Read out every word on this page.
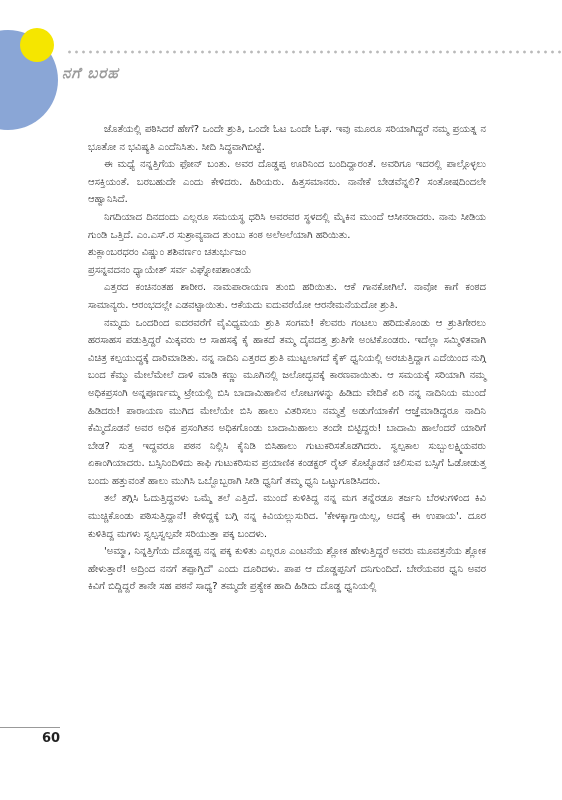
ನಗೆ ಬರಹ

ಜೊತೆಯಲ್ಲಿ ಪಠಿಸಿದರೆ ಹೇಗೆ? ಒಂದೇ ಶ್ರುತಿ, ಒಂದೇ ಓಟ ಒಂದೇ ಓಘ. ಇವು ಮೂರೂ ಸರಿಯಾಗಿದ್ದರೆ ನಮ್ಮ ಪ್ರಯತ್ನ ನ ಭೂತೋ ನ ಭವಿಷ್ಯತಿ ಎಂದೆನಿಸಿತು. ಸೀದಿ ಸಿದ್ಧವಾಗಿಬಿಟ್ಟೆ.

ಈ ಮಧ್ಯೆ ನನ್ನತ್ತಿಗೆಯ ಫೋನ್ ಬಂತು. ಅವರ ದೊಡ್ಡಪ್ಪ ಊರಿನಿಂದ ಬಂದಿದ್ದಾರಂತೆ. ಅವರಿಗೂ ಇದರಲ್ಲಿ ಪಾಲ್ಗೊಳ್ಳಲು ಆಸಕ್ತಿಯಂತೆ. ಬರಬಹುದೇ ಎಂದು ಕೇಳಿದರು. ಹಿರಿಯರು. ಹಿತ್ತಸಮಾನರು. ನಾನೇಕೆ ಬೇಡವೆನ್ನಲಿ? ಸಂತೋಷದಿಂದಲೇ ಆಹ್ವಾನಿಸಿದೆ.

ನಿಗದಿಯಾದ ದಿನದಂದು ಎಲ್ಲರೂ ಸಮಯಸ್ಥ ಧರಿಸಿ ಅವರವರ ಸ್ಥಳದಲ್ಲಿ ಮೈಕಿನ ಮುಂದೆ ಆಸೀನರಾದರು. ನಾನು ಸೀಡಿಯ ಗುಂಡಿ ಒತ್ತಿದೆ. ಎಂ.ಎಸ್.ರ ಸುಶ್ರಾವ್ಯವಾದ ತುಂಬು ಕಂಠ ಅಲೆಅಲೆಯಾಗಿ ಹರಿಯಿತು.

ಶುಕ್ಲಾಂಬರಧರಂ ವಿಷ್ಣುಂ ಶಶಿವರ್ಣಂ ಚತುರ್ಭುಜಂ

ಪ್ರಸನ್ನವದನಂ ಧ್ಯಾಯೇತ್ ಸರ್ವ ವಿಘ್ನೋಪಶಾಂತಯೆ

ಎತ್ತರದ ಕಂಚಿನಂತಹ ಶಾರೀರ. ನಾಮಪಾರಾಯಣ ತುಂಬಿ ಹರಿಯಿತು. ಆಕೆ ಗಾನಕೋಗಿಲೆ. ನಾವೋ ಕಾಗೆ ಕಂಠದ ಸಾಮಾನ್ಯರು. ಆರಂಭದಲ್ಲೇ ಎಡವಟ್ಟಾಯಿತು. ಆಕೆಯದು ಐದುವರೆಯೋ ಆರನೇಮನೆಯದೋ ಶ್ರುತಿ.

ನಮ್ಮದು ಒಂದರಿಂದ ಐದರವರೆಗೆ ವೈವಿಧ್ಯಮಯ ಶ್ರುತಿ ಸಂಗಮ! ಕೆಲವರು ಗಂಟಲು ಹರಿದುಕೊಂಡು ಆ ಶ್ರುತಿಗೇರಲು ಹರಸಾಹಸ ಪಡುತ್ತಿದ್ದರೆ ಮಿಕ್ಕವರು ಆ ಸಾಹಸಕ್ಕೆ ಕೈ ಹಾಕದೆ ತಮ್ಮ ದೈವದತ್ತ ಶ್ರುತಿಗೇ ಅಂಟಿಕೊಂಡರು. ಇದೆಲ್ಲಾ ಸಮ್ಮಿಳಿತವಾಗಿ ವಿಚಿತ್ರ ಕಲ್ಪಯುದ್ಧಕ್ಕೆ ದಾರಿಮಾಡಿತು. ನನ್ನ ನಾದಿನಿ ಎತ್ತರದ ಶ್ರುತಿ ಮುಟ್ಟಲಾಗದೆ ಕೈಕ್ ಧ್ವನಿಯಲ್ಲಿ ಅರಚುತ್ತಿದ್ದಾಗ ಎದೆಯಿಂದ ನುಗ್ಗಿ ಬಂದ ಕೆಮ್ಮು ಮೇಲೆಮೇಲೆ ದಾಳಿ ಮಾಡಿ ಕಣ್ಣು ಮೂಗಿನಲ್ಲಿ ಜಲೋದ್ಭವಕ್ಕೆ ಕಾರಣವಾಯಿತು. ಆ ಸಮಯಕ್ಕೆ ಸರಿಯಾಗಿ ನಮ್ಮ ಅಧಿಕಪ್ರಸಂಗಿ ಅನ್ನಪೂರ್ಣಮ್ಮ ಟ್ರೇಯಲ್ಲಿ ಬಿಸಿ ಬಾದಾಮಿಹಾಲಿನ ಲೋಟಗಳನ್ನು ಹಿಡಿದು ವೇದಿಕೆ ಏರಿ ನನ್ನ ನಾದಿನಿಯ ಮುಂದೆ ಹಿಡಿದರು! ಪಾರಾಯಣ ಮುಗಿದ ಮೇಲೆಯೇ ಬಿಸಿ ಹಾಲು ವಿತರಿಸಲು ನಮ್ಮತ್ತೆ ಅಡುಗೆಯಾಕೆಗೆ ಆಜ್ಞೆಮಾಡಿದ್ದರೂ ನಾದಿನಿ ಕೆಮ್ಮಿದೊಡನೆ ಅವರ ಅಧಿಕ ಪ್ರಸಂಗಿತನ ಅಧಿಕಗೊಂಡು ಬಾದಾಮಿಹಾಲು ತಂದೇ ಬಿಟ್ಟಿದ್ದರು! ಬಾದಾಮಿ ಹಾಲೆಂದರೆ ಯಾರಿಗೆ ಬೇಡ? ಸುತ್ತ ಇದ್ದವರೂ ಪಠನ ನಿಲ್ಲಿಸಿ ಕೈನಿಡಿ ಬಿಸಿಹಾಲು ಗುಟುಕರಿಸತೊಡಗಿದರು. ಸ್ವಲ್ಪಕಾಲ ಸುಬ್ಬುಲಕ್ಷ್ಮಿಯವರು ಏಕಾಂಗಿಯಾದರು. ಬಸ್ಸಿನಿಂದಿಳಿದು ಕಾಫಿ ಗುಟುಕರಿಸುವ ಪ್ರಯಾಣಿಕ ಕಂಡಕ್ಟರ್ ರೈಟ್ ಕೊಟ್ಟೊಡನೆ ಚಲಿಸುವ ಬಸ್ಸಿಗೆ ಓಡೋಡುತ್ತ ಬಂದು ಹತ್ತುವಂತೆ ಹಾಲು ಮುಗಿಸಿ ಒಬ್ಬೊಬ್ಬರಾಗಿ ಸೀಡಿ ಧ್ವನಿಗೆ ತಮ್ಮ ಧ್ವನಿ ಒಟ್ಟುಗೂಡಿಸಿದರು.

ತಲೆ ತಗ್ಗಿಸಿ ಓದುತ್ತಿದ್ದವಳು ಒಮ್ಮೆ ತಲೆ ಎತ್ತಿದೆ. ಮುಂದೆ ಕುಳಿತಿದ್ದ ನನ್ನ ಮಗ ತನ್ನೆರಡೂ ತರ್ಜನಿ ಬೆರಳುಗಳಿಂದ ಕಿವಿ ಮುಚ್ಚಿಕೊಂಡು ಪಠಿಸುತ್ತಿದ್ದಾನೆ! ಕೇಳಿದ್ದಕ್ಕೆ ಬಗ್ಗಿ ನನ್ನ ಕಿವಿಯಲ್ಲುಸುರಿದ. 'ಕೇಳಕ್ಕಾಗ್ತಾಯಿಲ್ಲ, ಅದಕ್ಕೆ ಈ ಉಪಾಯ'. ದೂರ ಕುಳಿತಿದ್ದ ಮಗಳು ಸ್ವಲ್ಪಸ್ವಲ್ಪವೇ ಸರಿಯುತ್ತಾ ಪಕ್ಕ ಬಂದಳು.

'ಅಮ್ಮಾ, ನಿನ್ನತ್ತಿಗೆಯ ದೊಡ್ಡಪ್ಪ ನನ್ನ ಪಕ್ಕ ಕುಳಿತು ಎಲ್ಲರೂ ಎಂಟನೆಯ ಶ್ಲೋಕ ಹೇಳುತ್ತಿದ್ದರೆ ಅವರು ಮೂವತ್ತನೆಯ ಶ್ಲೋಕ ಹೇಳುತ್ತಾರೆ! ಅದ್ರಿಂದ ನನಗೆ ತಪ್ಪಾಗ್ತಿದೆ' ಎಂದು ದೂರಿದಳು. ಪಾಪ ಆ ದೊಡ್ಡಪ್ಪನಿಗೆ ದನಿಗುಂದಿದೆ. ಬೇರೆಯವರ ಧ್ವನಿ ಅವರ ಕಿವಿಗೆ ಬಿದ್ದಿದ್ದರೆ ತಾನೇ ಸಹ ಪಠನೆ ಸಾಧ್ಯ? ತಮ್ಮದೇ ಪ್ರತ್ಯೇಕ ಹಾದಿ ಹಿಡಿದು ದೊಡ್ಡ ಧ್ವನಿಯಲ್ಲಿ

60
